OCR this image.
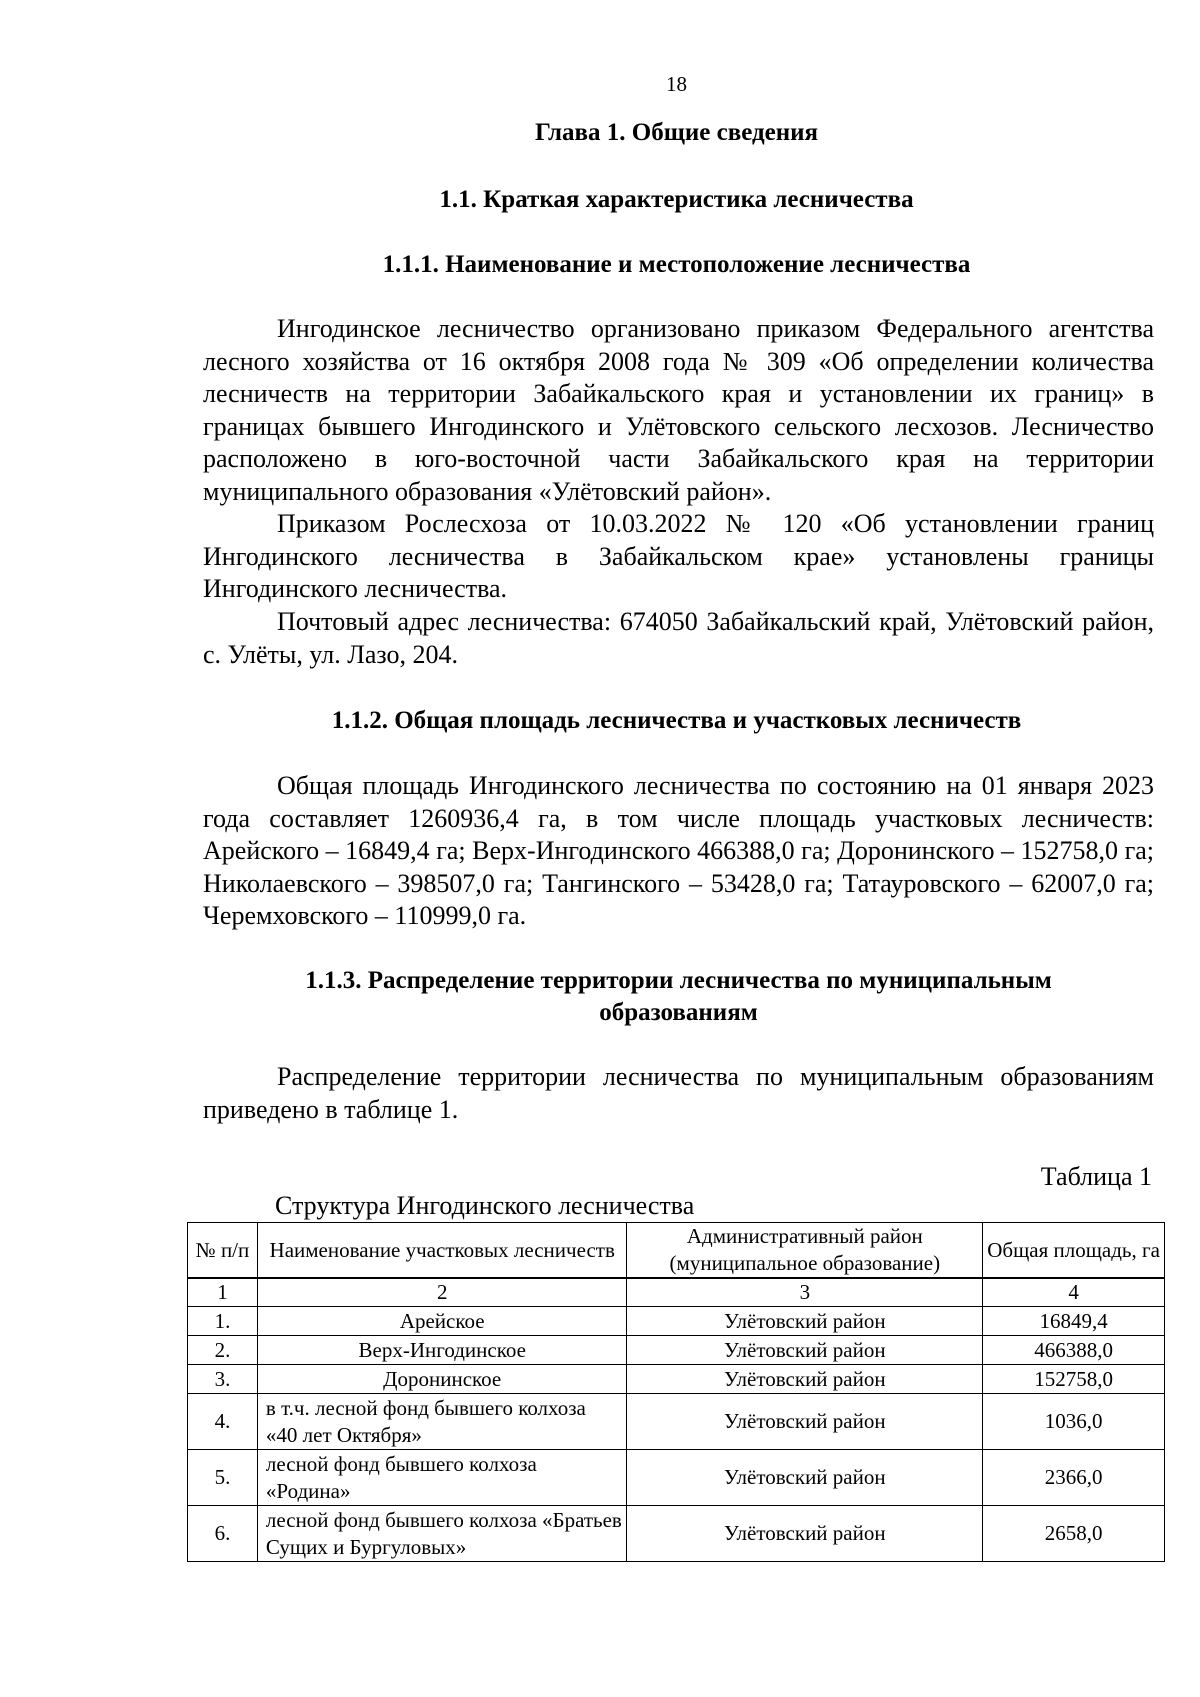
18
Глава 1. Общие сведения
1.1. Краткая характеристика лесничества
1.1.1. Наименование и местоположение лесничества
Ингодинское лесничество организовано приказом Федерального агентства лесного хозяйства от 16 октября 2008 года № 309 «Об определении количества лесничеств на территории Забайкальского края и установлении их границ» в границах бывшего Ингодинского и Улётовского сельского лесхозов. Лесничество расположено в юго-восточной части Забайкальского края на территории муниципального образования «Улётовский район».
Приказом Рослесхоза от 10.03.2022 № 120 «Об установлении границ Ингодинского лесничества в Забайкальском крае» установлены границы Ингодинского лесничества.
Почтовый адрес лесничества: 674050 Забайкальский край, Улётовский район, с. Улёты, ул. Лазо, 204.
1.1.2. Общая площадь лесничества и участковых лесничеств
Общая площадь Ингодинского лесничества по состоянию на 01 января 2023 года составляет 1260936,4 га, в том числе площадь участковых лесничеств: Арейского – 16849,4 га; Верх-Ингодинского 466388,0 га; Доронинского – 152758,0 га; Николаевского – 398507,0 га; Тангинского – 53428,0 га; Татауровского – 62007,0 га; Черемховского – 110999,0 га.
1.1.3. Распределение территории лесничества по муниципальным
образованиям
Распределение территории лесничества по муниципальным образованиям приведено в таблице 1.
Таблица 1
Структура Ингодинского лесничества
№ п/п	Наименование участковых лесничеств	Административный район (муниципальное образование)	Общая площадь, га
1	2	3	4
1.	Арейское	Улётовский район	16849,4
2.	Верх-Ингодинское	Улётовский район	466388,0
3.	Доронинское	Улётовский район	152758,0
4.	в т.ч. лесной фонд бывшего колхоза «40 лет Октября»	Улётовский район	1036,0
5.	лесной фонд бывшего колхоза «Родина»	Улётовский район	2366,0
6.	лесной фонд бывшего колхоза «Братьев Сущих и Бургуловых»	Улётовский район	2658,0
